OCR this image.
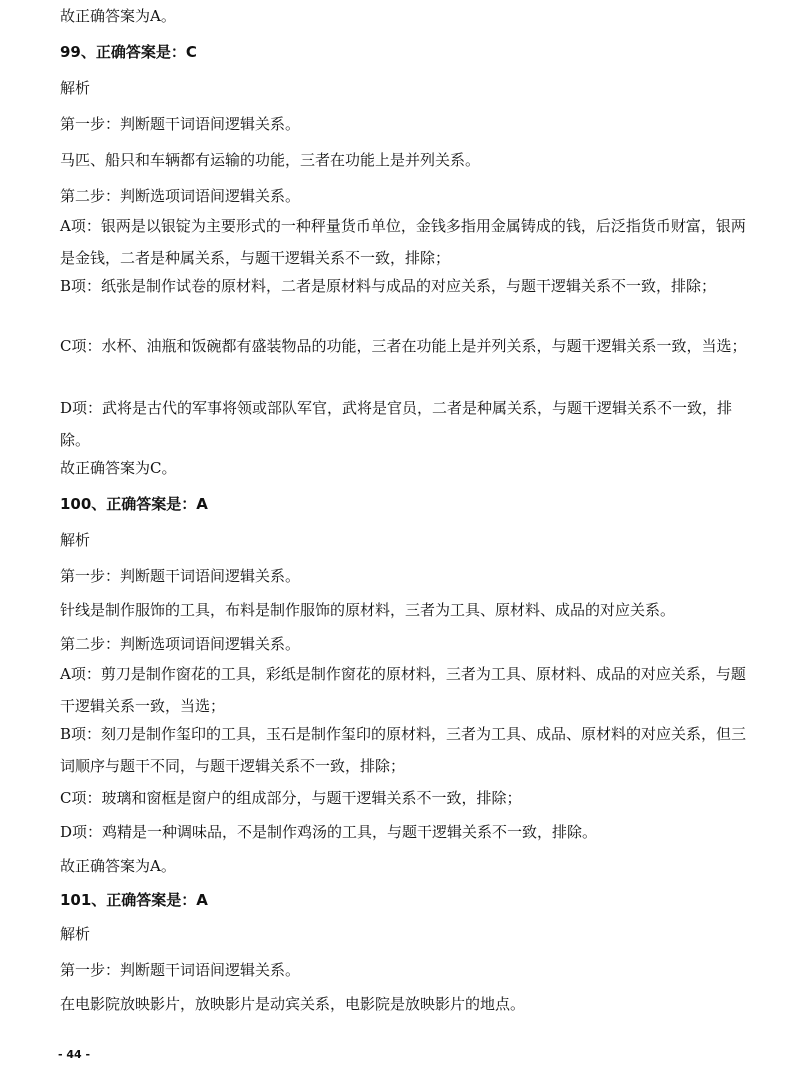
故正确答案为A。
99、正确答案是：C
解析
第一步：判断题干词语间逻辑关系。
马匹、船只和车辆都有运输的功能，三者在功能上是并列关系。
第二步：判断选项词语间逻辑关系。
A项：银两是以银锭为主要形式的一种秤量货币单位，金钱多指用金属铸成的钱，后泛指货币财富，银两是金钱，二者是种属关系，与题干逻辑关系不一致，排除；
B项：纸张是制作试卷的原材料，二者是原材料与成品的对应关系，与题干逻辑关系不一致，排除；
C项：水杯、油瓶和饭碗都有盛装物品的功能，三者在功能上是并列关系，与题干逻辑关系一致，当选；
D项：武将是古代的军事将领或部队军官，武将是官员，二者是种属关系，与题干逻辑关系不一致，排除。
故正确答案为C。
100、正确答案是：A
解析
第一步：判断题干词语间逻辑关系。
针线是制作服饰的工具，布料是制作服饰的原材料，三者为工具、原材料、成品的对应关系。
第二步：判断选项词语间逻辑关系。
A项：剪刀是制作窗花的工具，彩纸是制作窗花的原材料，三者为工具、原材料、成品的对应关系，与题干逻辑关系一致，当选；
B项：刻刀是制作玺印的工具，玉石是制作玺印的原材料，三者为工具、成品、原材料的对应关系，但三词顺序与题干不同，与题干逻辑关系不一致，排除；
C项：玻璃和窗框是窗户的组成部分，与题干逻辑关系不一致，排除；
D项：鸡精是一种调味品，不是制作鸡汤的工具，与题干逻辑关系不一致，排除。
故正确答案为A。
101、正确答案是：A
解析
第一步：判断题干词语间逻辑关系。
在电影院放映影片，放映影片是动宾关系，电影院是放映影片的地点。
- 44 -
